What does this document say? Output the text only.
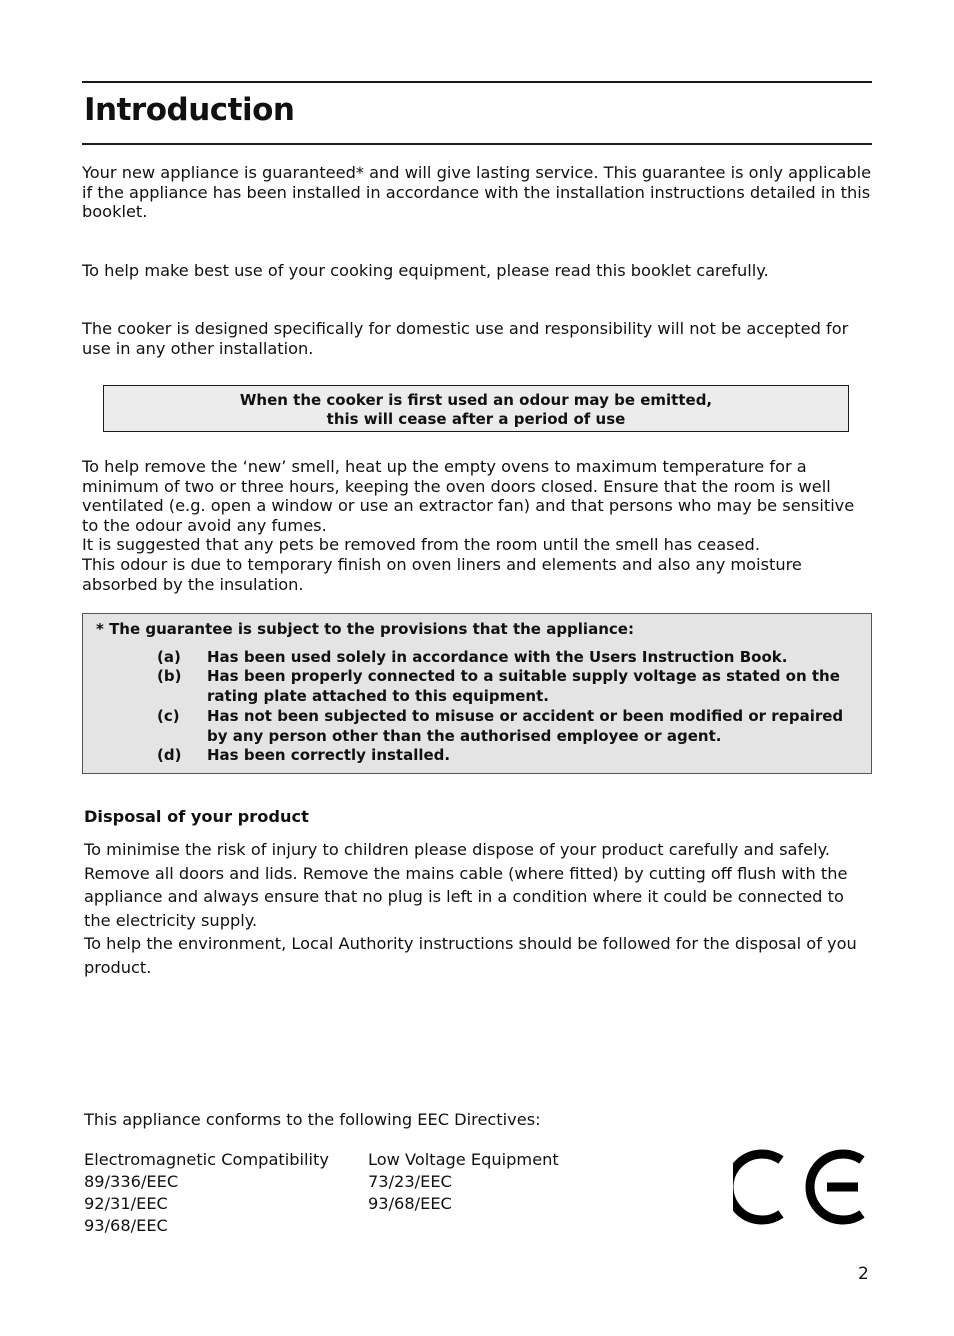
Introduction

Your new appliance is guaranteed* and will give lasting service. This guarantee is only applicable if the appliance has been installed in accordance with the installation instructions detailed in this booklet.

To help make best use of your cooking equipment, please read this booklet carefully.

The cooker is designed specifically for domestic use and responsibility will not be accepted for use in any other installation.

When the cooker is first used an odour may be emitted,
this will cease after a period of use
To help remove the ‘new’ smell, heat up the empty ovens to maximum temperature for a minimum of two or three hours, keeping the oven doors closed. Ensure that the room is well ventilated (e.g. open a window or use an extractor fan) and that persons who may be sensitive to the odour avoid any fumes.
It is suggested that any pets be removed from the room until the smell has ceased.
This odour is due to temporary finish on oven liners and elements and also any moisture absorbed by the insulation.
* The guarantee is subject to the provisions that the appliance:
(a) Has been used solely in accordance with the Users Instruction Book.
(b) Has been properly connected to a suitable supply voltage as stated on the rating plate attached to this equipment.
(c) Has not been subjected to misuse or accident or been modified or repaired by any person other than the authorised employee or agent.
(d) Has been correctly installed.
Disposal of your product

To minimise the risk of injury to children please dispose of your product carefully and safely. Remove all doors and lids. Remove the mains cable (where fitted) by cutting off flush with the appliance and always ensure that no plug is left in a condition where it could be connected to the electricity supply.

To help the environment, Local Authority instructions should be followed for the disposal of you product.

This appliance conforms to the following EEC Directives:

Electromagnetic Compatibility
89/336/EEC
92/31/EEC
93/68/EEC
Low Voltage Equipment
73/23/EEC
93/68/EEC
2
